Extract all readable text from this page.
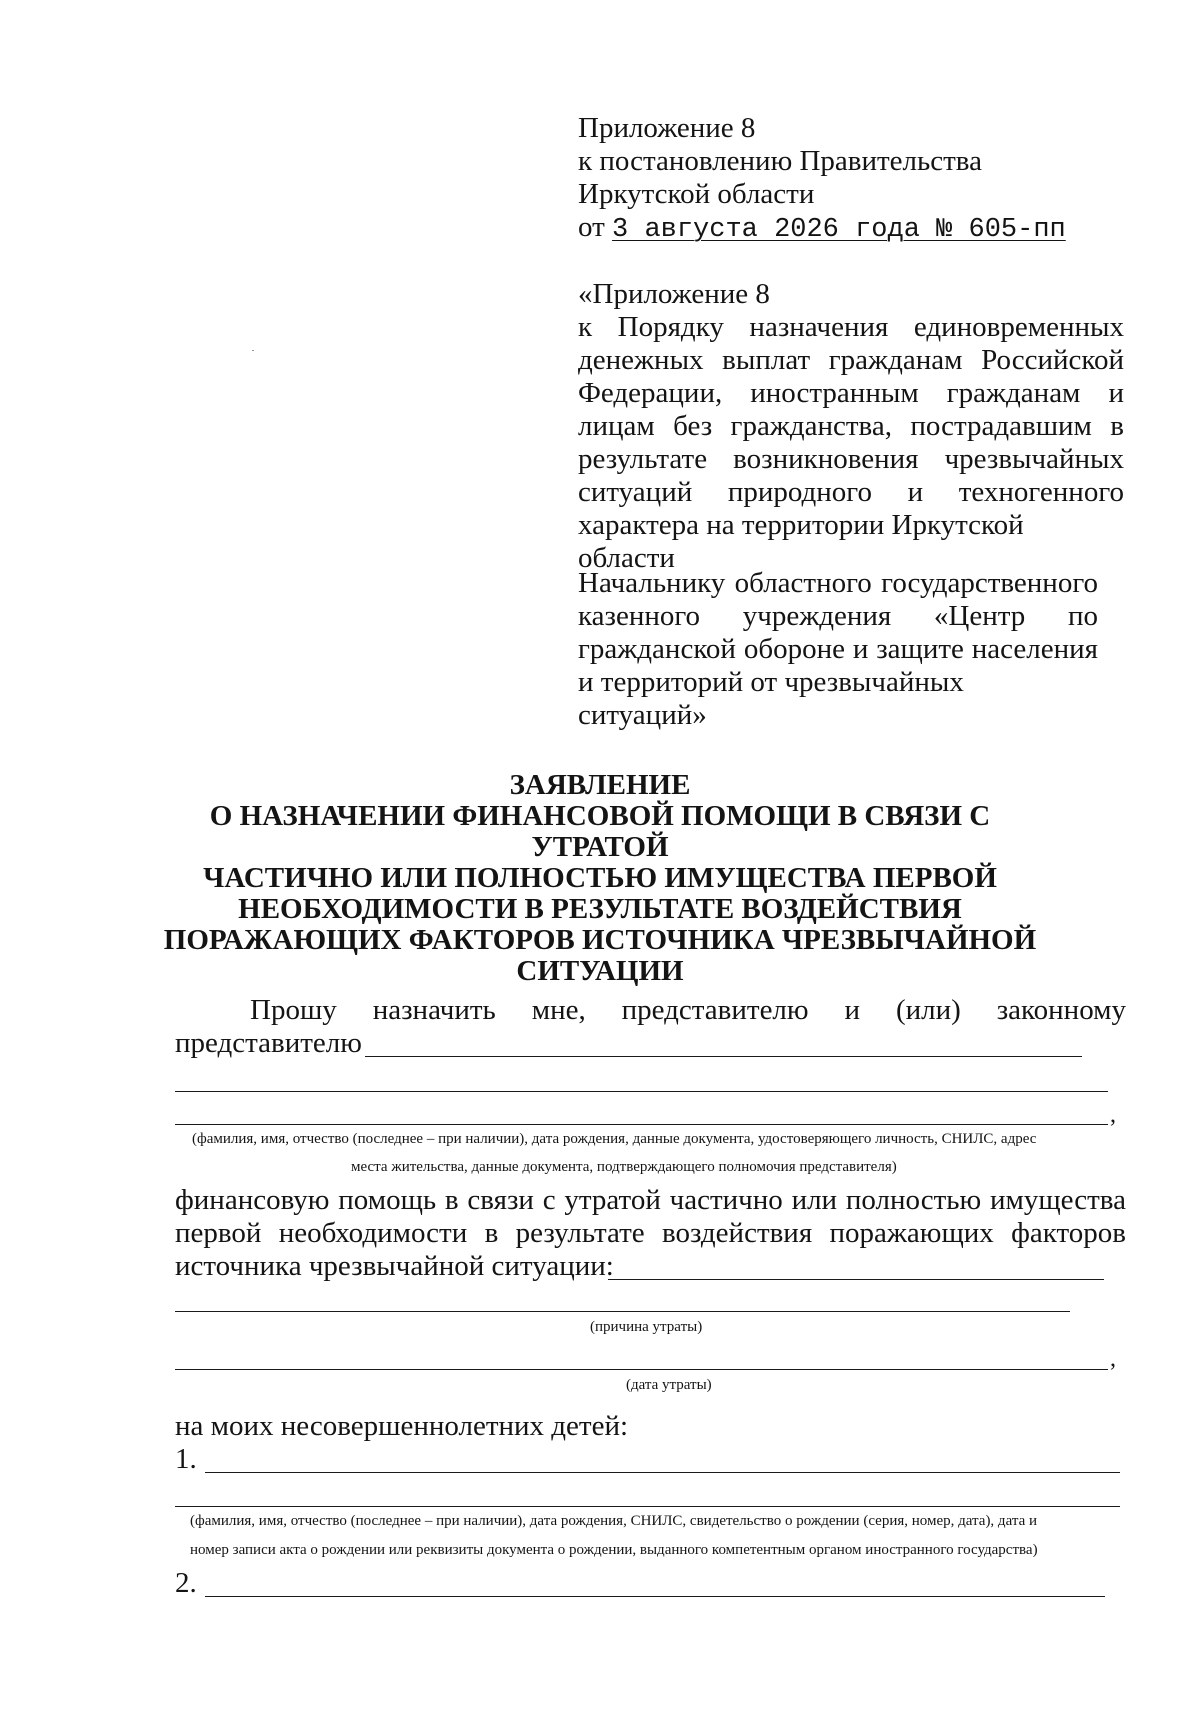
Приложение 8
к постановлению Правительства
Иркутской области
от 3 августа 2026 года № 605-пп
«Приложение 8
к Порядку назначения единовременных
денежных выплат гражданам Российской
Федерации, иностранным гражданам и
лицам без гражданства, пострадавшим в
результате возникновения чрезвычайных
ситуаций природного и техногенного
характера на территории Иркутской области
Начальнику областного государственного
казенного учреждения «Центр по
гражданской обороне и защите населения
и территорий от чрезвычайных ситуаций»
ЗАЯВЛЕНИЕ
О НАЗНАЧЕНИИ ФИНАНСОВОЙ ПОМОЩИ В СВЯЗИ С УТРАТОЙ
ЧАСТИЧНО ИЛИ ПОЛНОСТЬЮ ИМУЩЕСТВА ПЕРВОЙ
НЕОБХОДИМОСТИ В РЕЗУЛЬТАТЕ ВОЗДЕЙСТВИЯ
ПОРАЖАЮЩИХ ФАКТОРОВ ИСТОЧНИКА ЧРЕЗВЫЧАЙНОЙ
СИТУАЦИИ
Прошу назначить мне, представителю и (или) законному
представителю
,
(фамилия, имя, отчество (последнее – при наличии), дата рождения, данные документа, удостоверяющего личность, СНИЛС, адрес
места жительства, данные документа, подтверждающего полномочия представителя)
финансовую помощь в связи с утратой частично или полностью имущества
первой необходимости в результате воздействия поражающих факторов
источника чрезвычайной ситуации:
(причина утраты)
,
(дата утраты)
на моих несовершеннолетних детей:
1.
(фамилия, имя, отчество (последнее – при наличии), дата рождения, СНИЛС, свидетельство о рождении (серия, номер, дата), дата и
номер записи акта о рождении или реквизиты документа о рождении, выданного компетентным органом иностранного государства)
2.
